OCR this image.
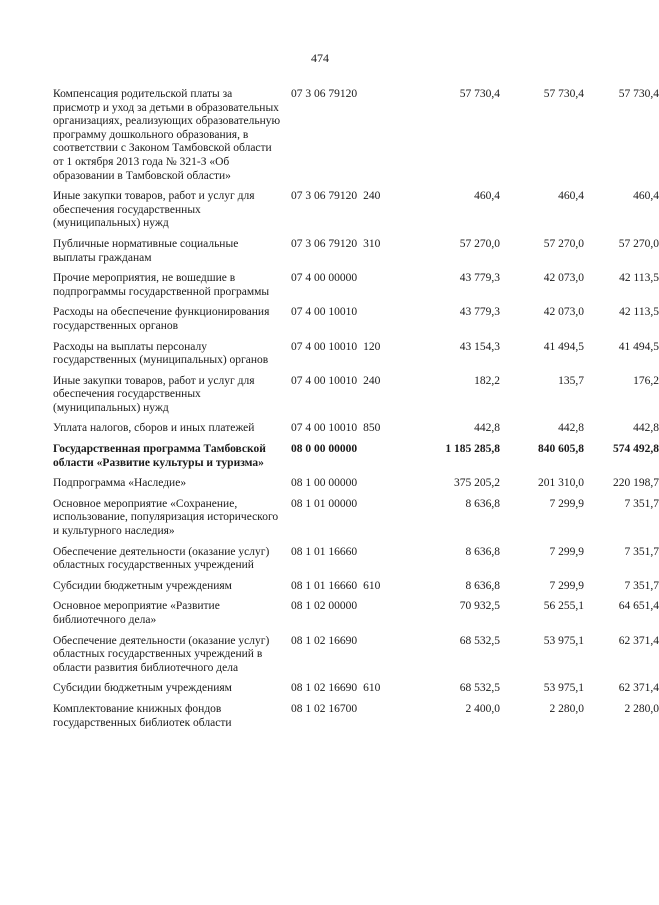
474
Компенсация родительской платы за присмотр и уход за детьми в образовательных организациях, реализующих образовательную программу дошкольного образования, в соответствии с Законом Тамбовской области от 1 октября 2013 года № 321-З «Об образовании в Тамбовской области»
07 3 06 79120	57 730,4	57 730,4	57 730,4
Иные закупки товаров, работ и услуг для обеспечения государственных (муниципальных) нужд
07 3 06 79120 240	460,4	460,4	460,4
Публичные нормативные социальные выплаты гражданам
07 3 06 79120 310	57 270,0	57 270,0	57 270,0
Прочие мероприятия, не вошедшие в подпрограммы государственной программы
07 4 00 00000	43 779,3	42 073,0	42 113,5
Расходы на обеспечение функционирования государственных органов
07 4 00 10010	43 779,3	42 073,0	42 113,5
Расходы на выплаты персоналу государственных (муниципальных) органов
07 4 00 10010 120	43 154,3	41 494,5	41 494,5
Иные закупки товаров, работ и услуг для обеспечения государственных (муниципальных) нужд
07 4 00 10010 240	182,2	135,7	176,2
Уплата налогов, сборов и иных платежей	07 4 00 10010 850	442,8	442,8	442,8
Государственная программа Тамбовской области «Развитие культуры и туризма»
08 0 00 00000	1 185 285,8	840 605,8	574 492,8
Подпрограмма «Наследие»	08 1 00 00000	375 205,2	201 310,0	220 198,7
Основное мероприятие «Сохранение, использование, популяризация исторического и культурного наследия»
08 1 01 00000	8 636,8	7 299,9	7 351,7
Обеспечение деятельности (оказание услуг) областных государственных учреждений
08 1 01 16660	8 636,8	7 299,9	7 351,7
Субсидии бюджетным учреждениям	08 1 01 16660 610	8 636,8	7 299,9	7 351,7
Основное мероприятие «Развитие библиотечного дела»
08 1 02 00000	70 932,5	56 255,1	64 651,4
Обеспечение деятельности (оказание услуг) областных государственных учреждений в области развития библиотечного дела
08 1 02 16690	68 532,5	53 975,1	62 371,4
Субсидии бюджетным учреждениям	08 1 02 16690 610	68 532,5	53 975,1	62 371,4
Комплектование книжных фондов государственных библиотек области
08 1 02 16700	2 400,0	2 280,0	2 280,0
